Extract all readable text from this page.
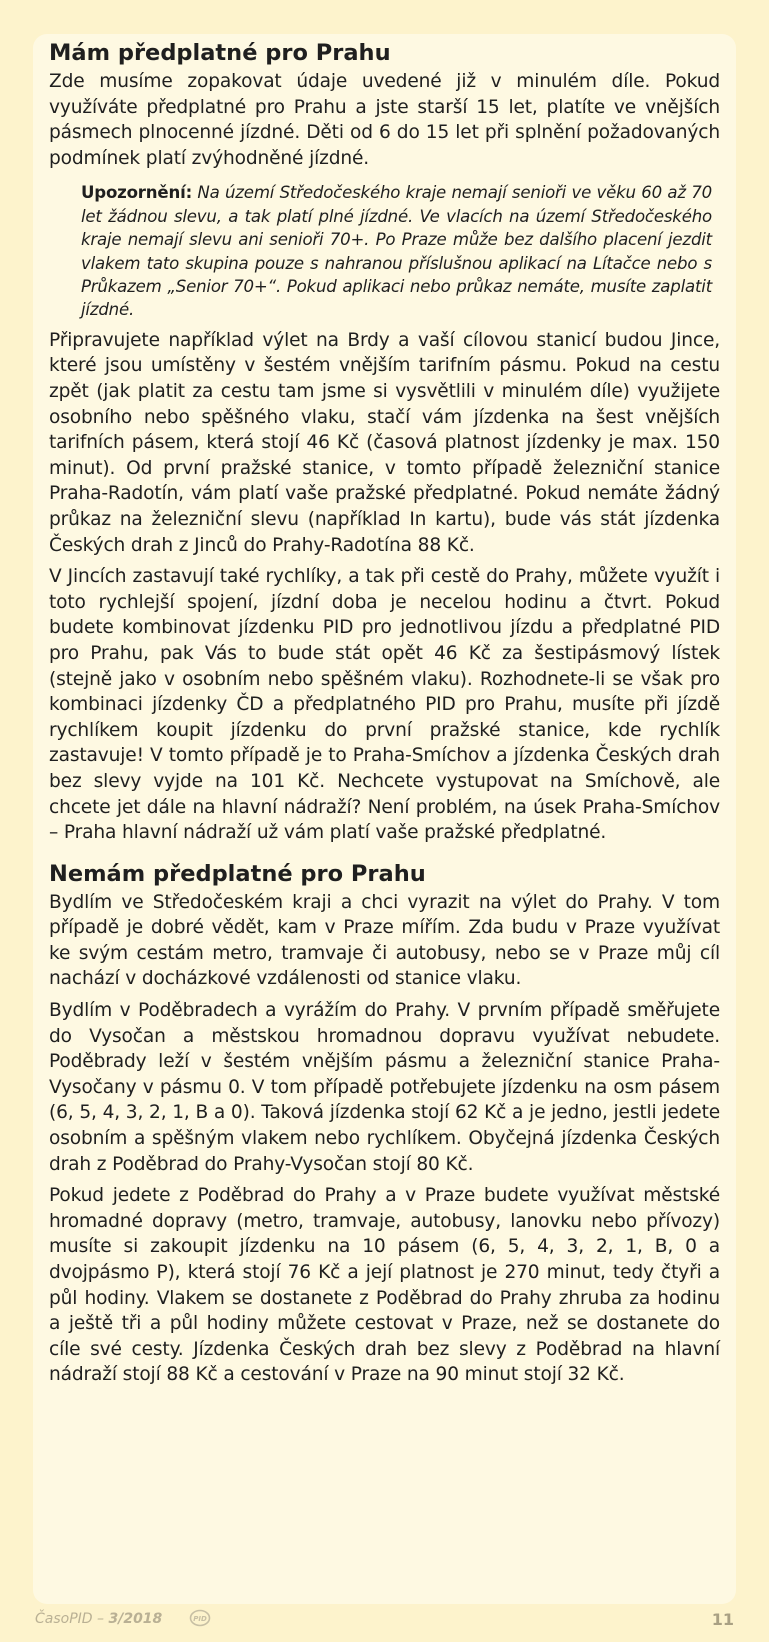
Mám předplatné pro Prahu

Zde musíme zopakovat údaje uvedené již v minulém díle. Pokud využíváte předplatné pro Prahu a jste starší 15 let, platíte ve vnějších pásmech plnocenné jízdné. Děti od 6 do 15 let při splnění požadovaných podmínek platí zvýhodněné jízdné.

Upozornění: Na území Středočeského kraje nemají senioři ve věku 60 až 70 let žádnou slevu, a tak platí plné jízdné. Ve vlacích na území Středočeského kraje nemají slevu ani senioři 70+. Po Praze může bez dalšího placení jezdit vlakem tato skupina pouze s nahranou příslušnou aplikací na Lítačce nebo s Průkazem „Senior 70+“. Pokud aplikaci nebo průkaz nemáte, musíte zaplatit jízdné.

Připravujete například výlet na Brdy a vaší cílovou stanicí budou Jince, které jsou umístěny v šestém vnějším tarifním pásmu. Pokud na cestu zpět (jak platit za cestu tam jsme si vysvětlili v minulém díle) využijete osobního nebo spěšného vlaku, stačí vám jízdenka na šest vnějších tarifních pásem, která stojí 46 Kč (časová platnost jízdenky je max. 150 minut). Od první pražské stanice, v tomto případě železniční stanice Praha-Radotín, vám platí vaše pražské předplatné. Pokud nemáte žádný průkaz na železniční slevu (například In kartu), bude vás stát jízdenka Českých drah z Jinců do Prahy-Radotína 88 Kč.

V Jincích zastavují také rychlíky, a tak při cestě do Prahy, můžete využít i toto rychlejší spojení, jízdní doba je necelou hodinu a čtvrt. Pokud budete kombinovat jízdenku PID pro jednotlivou jízdu a předplatné PID pro Prahu, pak Vás to bude stát opět 46 Kč za šestipásmový lístek (stejně jako v osobním nebo spěšném vlaku). Rozhodnete-li se však pro kombinaci jízdenky ČD a předplatného PID pro Prahu, musíte při jízdě rychlíkem koupit jízdenku do první pražské stanice, kde rychlík zastavuje! V tomto případě je to Praha-Smíchov a jízdenka Českých drah bez slevy vyjde na 101 Kč. Nechcete vystupovat na Smíchově, ale chcete jet dále na hlavní nádraží? Není problém, na úsek Praha-Smíchov – Praha hlavní nádraží už vám platí vaše pražské předplatné.

Nemám předplatné pro Prahu

Bydlím ve Středočeském kraji a chci vyrazit na výlet do Prahy. V tom případě je dobré vědět, kam v Praze mířím. Zda budu v Praze využívat ke svým cestám metro, tramvaje či autobusy, nebo se v Praze můj cíl nachází v docházkové vzdálenosti od stanice vlaku.

Bydlím v Poděbradech a vyrážím do Prahy. V prvním případě směřujete do Vysočan a městskou hromadnou dopravu využívat nebudete. Poděbrady leží v šestém vnějším pásmu a železniční stanice Praha-Vysočany v pásmu 0. V tom případě potřebujete jízdenku na osm pásem (6, 5, 4, 3, 2, 1, B a 0). Taková jízdenka stojí 62 Kč a je jedno, jestli jedete osobním a spěšným vlakem nebo rychlíkem. Obyčejná jízdenka Českých drah z Poděbrad do Prahy-Vysočan stojí 80 Kč.

Pokud jedete z Poděbrad do Prahy a v Praze budete využívat městské hromadné dopravy (metro, tramvaje, autobusy, lanovku nebo přívozy) musíte si zakoupit jízdenku na 10 pásem (6, 5, 4, 3, 2, 1, B, 0 a dvojpásmo P), která stojí 76 Kč a její platnost je 270 minut, tedy čtyři a půl hodiny. Vlakem se dostanete z Poděbrad do Prahy zhruba za hodinu a ještě tři a půl hodiny můžete cestovat v Praze, než se dostanete do cíle své cesty. Jízdenka Českých drah bez slevy z Poděbrad na hlavní nádraží stojí 88 Kč a cestování v Praze na 90 minut stojí 32 Kč.

ČasoPID – 3/2018	PID	11
